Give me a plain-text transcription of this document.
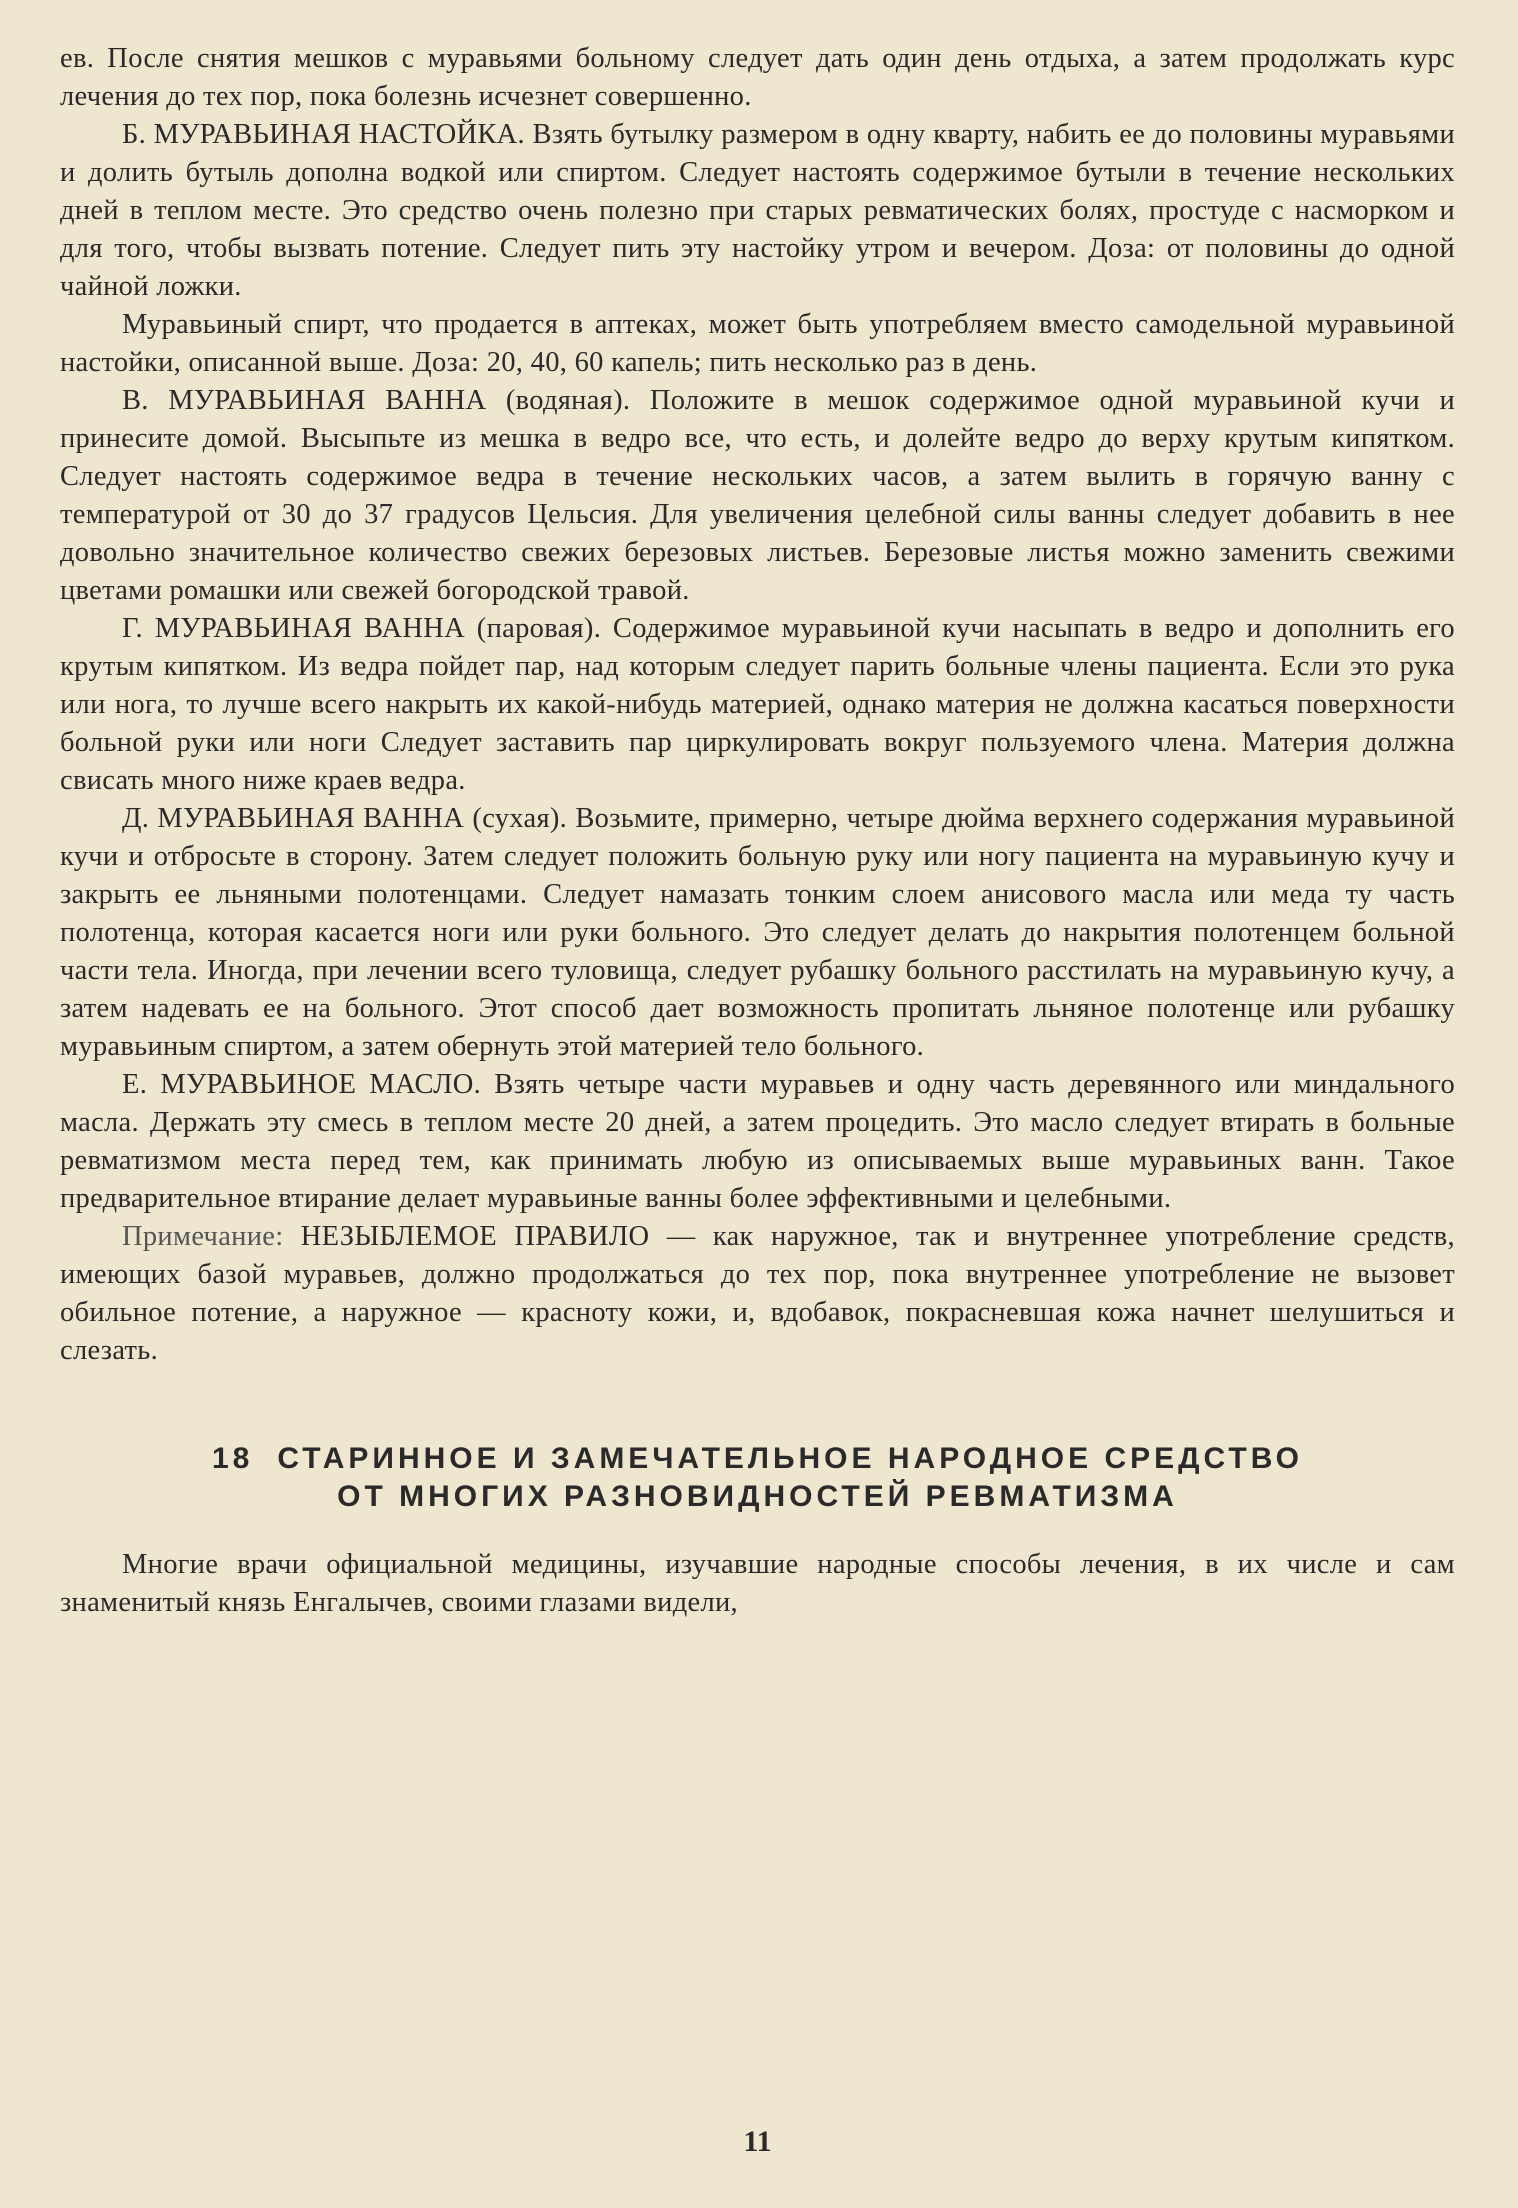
ев. После снятия мешков с муравьями больному следует дать один день отдыха, а затем продолжать курс лечения до тех пор, пока болезнь исчезнет совершенно.

Б. МУРАВЬИНАЯ НАСТОЙКА. Взять бутылку размером в одну кварту, набить ее до половины муравьями и долить бутыль дополна водкой или спиртом. Следует настоять содержимое бутыли в течение нескольких дней в теплом месте. Это средство очень полезно при старых ревматических болях, простуде с насморком и для того, чтобы вызвать потение. Следует пить эту настойку утром и вечером. Доза: от половины до одной чайной ложки.

Муравьиный спирт, что продается в аптеках, может быть употребляем вместо самодельной муравьиной настойки, описанной выше. Доза: 20, 40, 60 капель; пить несколько раз в день.

В. МУРАВЬИНАЯ ВАННА (водяная). Положите в мешок содержимое одной муравьиной кучи и принесите домой. Высыпьте из мешка в ведро все, что есть, и долейте ведро до верху крутым кипятком. Следует настоять содержимое ведра в течение нескольких часов, а затем вылить в горячую ванну с температурой от 30 до 37 градусов Цельсия. Для увеличения целебной силы ванны следует добавить в нее довольно значительное количество свежих березовых листьев. Березовые листья можно заменить свежими цветами ромашки или свежей богородской травой.

Г. МУРАВЬИНАЯ ВАННА (паровая). Содержимое муравьиной кучи насыпать в ведро и дополнить его крутым кипятком. Из ведра пойдет пар, над которым следует парить больные члены пациента. Если это рука или нога, то лучше всего накрыть их какой-нибудь материей, однако материя не должна касаться поверхности больной руки или ноги Следует заставить пар циркулировать вокруг пользуемого члена. Материя должна свисать много ниже краев ведра.

Д. МУРАВЬИНАЯ ВАННА (сухая). Возьмите, примерно, четыре дюйма верхнего содержания муравьиной кучи и отбросьте в сторону. Затем следует положить больную руку или ногу пациента на муравьиную кучу и закрыть ее льняными полотенцами. Следует намазать тонким слоем анисового масла или меда ту часть полотенца, которая касается ноги или руки больного. Это следует делать до накрытия полотенцем больной части тела. Иногда, при лечении всего туловища, следует рубашку больного расстилать на муравьиную кучу, а затем надевать ее на больного. Этот способ дает возможность пропитать льняное полотенце или рубашку муравьиным спиртом, а затем обернуть этой материей тело больного.

Е. МУРАВЬИНОЕ МАСЛО. Взять четыре части муравьев и одну часть деревянного или миндального масла. Держать эту смесь в теплом месте 20 дней, а затем процедить. Это масло следует втирать в больные ревматизмом места перед тем, как принимать любую из описываемых выше муравьиных ванн. Такое предварительное втирание делает муравьиные ванны более эффективными и целебными.

Примечание: НЕЗЫБЛЕМОЕ ПРАВИЛО — как наружное, так и внутреннее употребление средств, имеющих базой муравьев, должно продолжаться до тех пор, пока внутреннее употребление не вызовет обильное потение, а наружное — красноту кожи, и, вдобавок, покрасневшая кожа начнет шелушиться и слезать.

18 СТАРИННОЕ И ЗАМЕЧАТЕЛЬНОЕ НАРОДНОЕ СРЕДСТВО
ОТ МНОГИХ РАЗНОВИДНОСТЕЙ РЕВМАТИЗМА

Многие врачи официальной медицины, изучавшие народные способы лечения, в их числе и сам знаменитый князь Енгалычев, своими глазами видели,

11
